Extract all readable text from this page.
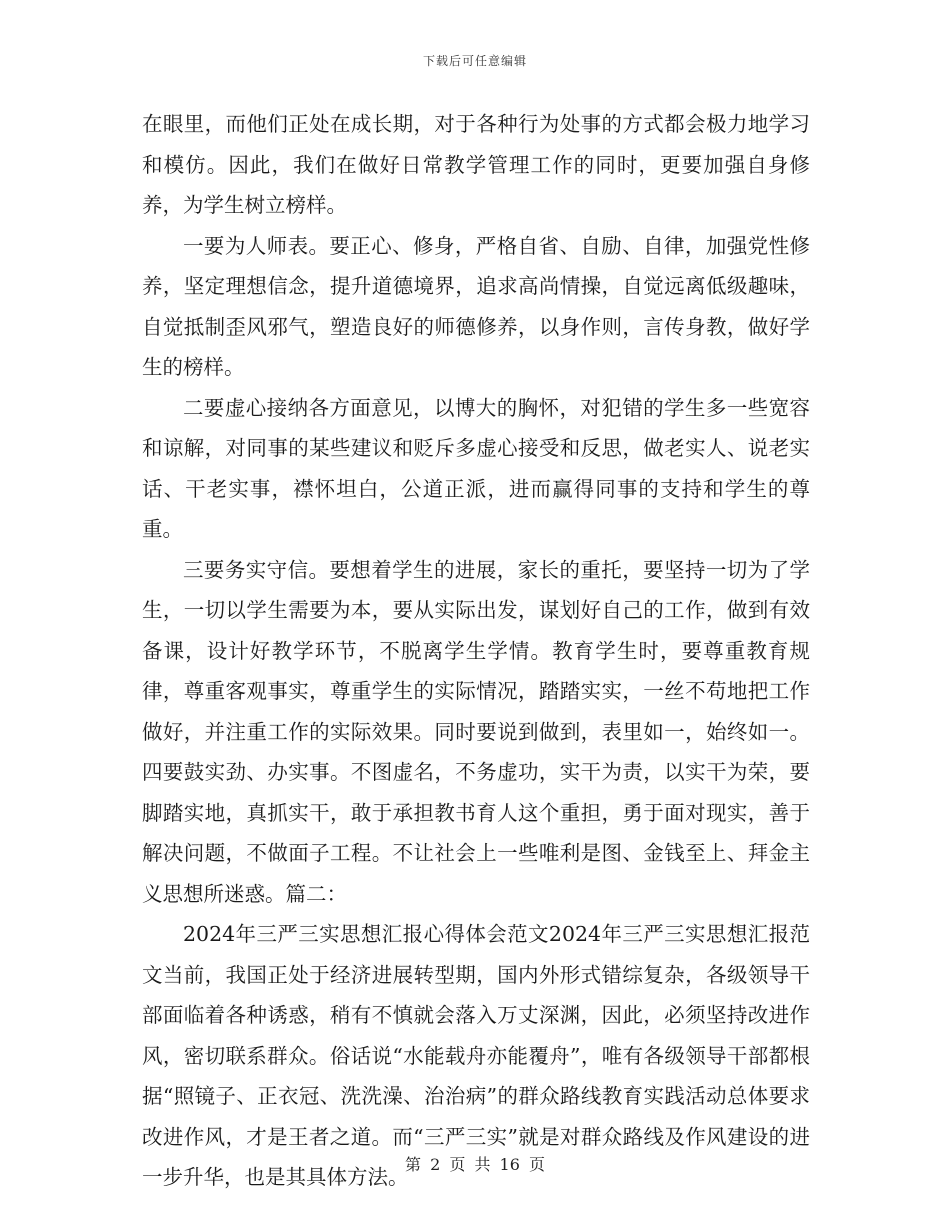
下载后可任意编辑

在眼里，而他们正处在成长期，对于各种行为处事的方式都会极力地学习和模仿。因此，我们在做好日常教学管理工作的同时，更要加强自身修养，为学生树立榜样。

一要为人师表。要正心、修身，严格自省、自励、自律，加强党性修养，坚定理想信念，提升道德境界，追求高尚情操，自觉远离低级趣味，自觉抵制歪风邪气，塑造良好的师德修养，以身作则，言传身教，做好学生的榜样。

二要虚心接纳各方面意见，以博大的胸怀，对犯错的学生多一些宽容和谅解，对同事的某些建议和贬斥多虚心接受和反思，做老实人、说老实话、干老实事，襟怀坦白，公道正派，进而赢得同事的支持和学生的尊重。

三要务实守信。要想着学生的进展，家长的重托，要坚持一切为了学生，一切以学生需要为本，要从实际出发，谋划好自己的工作，做到有效备课，设计好教学环节，不脱离学生学情。教育学生时，要尊重教育规律，尊重客观事实，尊重学生的实际情况，踏踏实实，一丝不苟地把工作做好，并注重工作的实际效果。同时要说到做到，表里如一，始终如一。四要鼓实劲、办实事。不图虚名，不务虚功，实干为责，以实干为荣，要脚踏实地，真抓实干，敢于承担教书育人这个重担，勇于面对现实，善于解决问题，不做面子工程。不让社会上一些唯利是图、金钱至上、拜金主义思想所迷惑。篇二：

2024年三严三实思想汇报心得体会范文2024年三严三实思想汇报范文当前，我国正处于经济进展转型期，国内外形式错综复杂，各级领导干部面临着各种诱惑，稍有不慎就会落入万丈深渊，因此，必须坚持改进作风，密切联系群众。俗话说“水能载舟亦能覆舟”，唯有各级领导干部都根据“照镜子、正衣冠、洗洗澡、治治病”的群众路线教育实践活动总体要求改进作风，才是王者之道。而“三严三实”就是对群众路线及作风建设的进一步升华，也是其具体方法。

第 2 页 共 16 页
